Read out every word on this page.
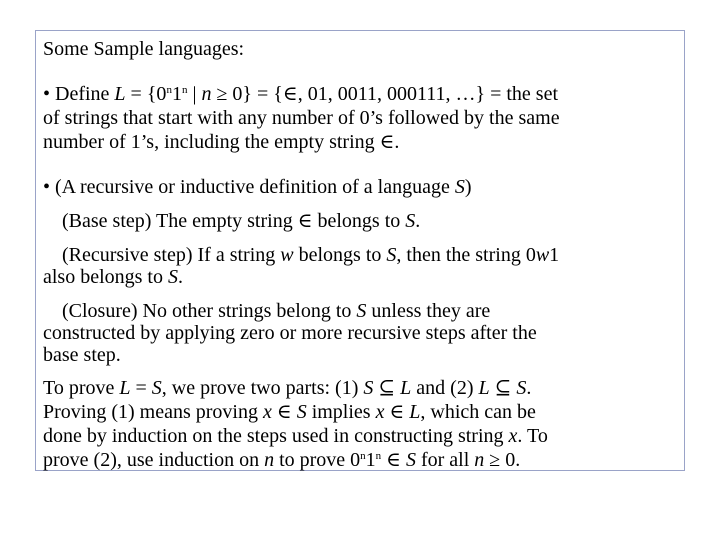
Some Sample languages:
• Define $L = \{0^n1^n$ | n ≥ 0} = {∈, 01, 0011, 000111, …} = the set
of strings that start with any number of 0’s followed by the same
number of 1’s, including the empty string ∈.
• (A recursive or inductive definition of a language S)
(Base step) The empty string ∈ belongs to S.
(Recursive step) If a string w belongs to S, then the string 0w1
also belongs to S.
(Closure) No other strings belong to S unless they are
constructed by applying zero or more recursive steps after the
base step.
To prove L = S, we prove two parts: (1) S ⊆ L and (2) L ⊆ S.
Proving (1) means proving x ∈ S implies x ∈ L, which can be
done by induction on the steps used in constructing string x. To
prove (2), use induction on n to prove 0$^n$1$^n$ ∈ S for all n ≥ 0.
